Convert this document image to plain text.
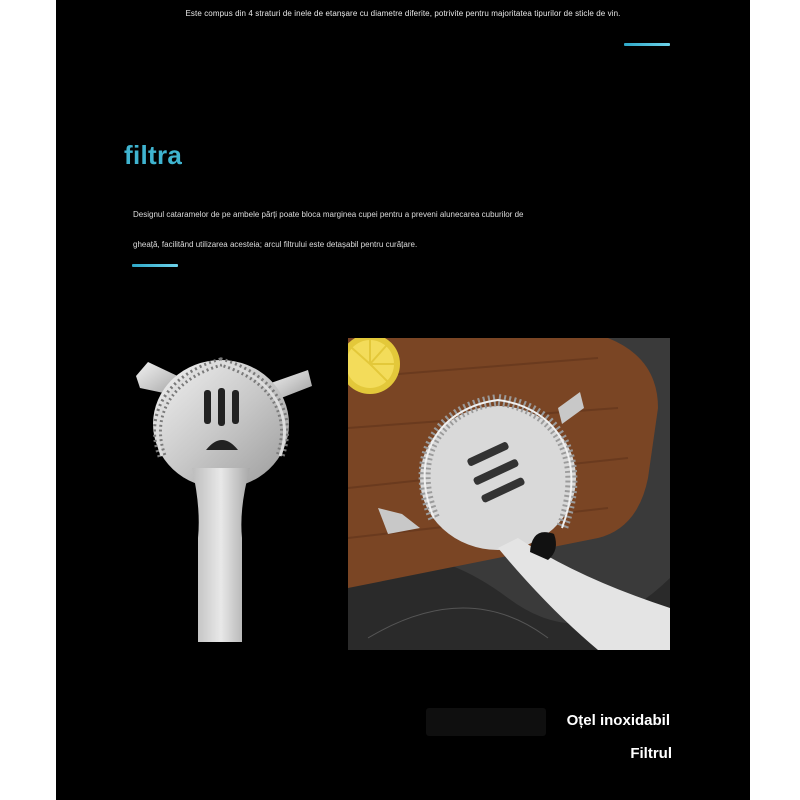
Este compus din 4 straturi de inele de etanșare cu diametre diferite, potrivite pentru majoritatea tipurilor de sticle de vin.
filtra
Designul cataramelor de pe ambele părți poate bloca marginea cupei pentru a preveni alunecarea cuburilor de
gheață, facilitând utilizarea acesteia; arcul filtrului este detașabil pentru curățare.
Oțel inoxidabil
Filtrul
